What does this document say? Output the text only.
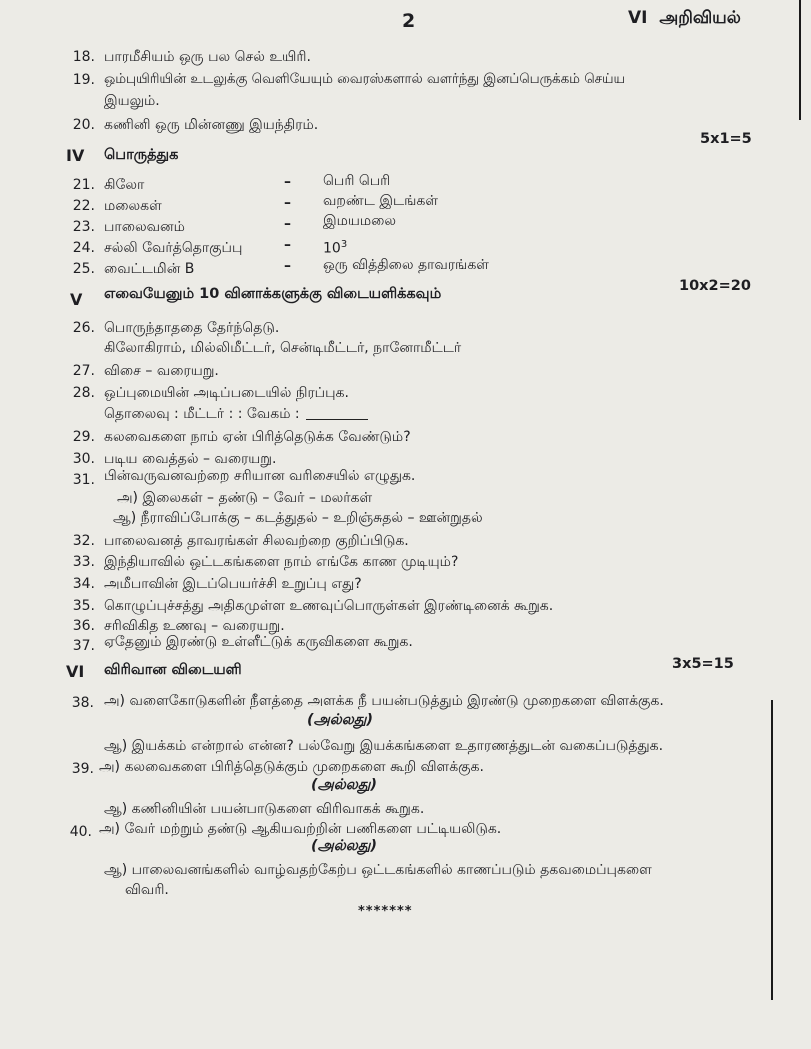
2	VI  அறிவியல்
18. பாரமீசியம் ஒரு பல செல் உயிரி.
19. ஒம்புயிரியின் உடலுக்கு வெளியேயும் வைரஸ்களால் வளர்ந்து இனப்பெருக்கம் செய்ய
இயலும்.
20. கணினி ஒரு மின்னணு இயந்திரம்.
IV பொருத்துக
5x1=5
21. கிலோ	– பெரி பெரி
22. மலைகள்	– வறண்ட இடங்கள்
23. பாலைவனம்	– இமயமலை
24. சல்லி வேர்த்தொகுப்பு	– $10^3$
25. வைட்டமின் B	– ஒரு வித்திலை தாவரங்கள்
V எவையேனும் 10 வினாக்களுக்கு விடையளிக்கவும்	10x2=20
26. பொருந்தாததை தேர்ந்தெடு.
கிலோகிராம், மில்லிமீட்டர், சென்டிமீட்டர், நானோமீட்டர்
27. விசை – வரையறு.
28. ஒப்புமையின் அடிப்படையில் நிரப்புக.
தொலைவு : மீட்டர் : : வேகம் :
29. கலவைகளை நாம் ஏன் பிரித்தெடுக்க வேண்டும்?
30. படிய வைத்தல் – வரையறு.
31. பின்வருவனவற்றை சரியான வரிசையில் எழுதுக.
அ) இலைகள் – தண்டு – வேர் – மலர்கள்
ஆ) நீராவிப்போக்கு – கடத்துதல் – உறிஞ்சுதல் – ஊன்றுதல்
32. பாலைவனத் தாவரங்கள் சிலவற்றை குறிப்பிடுக.
33. இந்தியாவில் ஒட்டகங்களை நாம் எங்கே காண முடியும்?
34. அமீபாவின் இடப்பெயர்ச்சி உறுப்பு எது?
35. கொழுப்புச்சத்து அதிகமுள்ள உணவுப்பொருள்கள் இரண்டினைக் கூறுக.
36. சரிவிகித உணவு – வரையறு.
37. ஏதேனும் இரண்டு உள்ளீட்டுக் கருவிகளை கூறுக.
VI விரிவான விடையளி	3x5=15
38. அ) வளைகோடுகளின் நீளத்தை அளக்க நீ பயன்படுத்தும் இரண்டு முறைகளை விளக்குக.
(அல்லது)
ஆ) இயக்கம் என்றால் என்ன? பல்வேறு இயக்கங்களை உதாரணத்துடன் வகைப்படுத்துக.
39. அ) கலவைகளை பிரித்தெடுக்கும் முறைகளை கூறி விளக்குக.
(அல்லது)
ஆ) கணினியின் பயன்பாடுகளை விரிவாகக் கூறுக.
40. அ) வேர் மற்றும் தண்டு ஆகியவற்றின் பணிகளை பட்டியலிடுக.
(அல்லது)
ஆ) பாலைவனங்களில் வாழ்வதற்கேற்ப ஒட்டகங்களில் காணப்படும் தகவமைப்புகளை
விவரி.
*******
